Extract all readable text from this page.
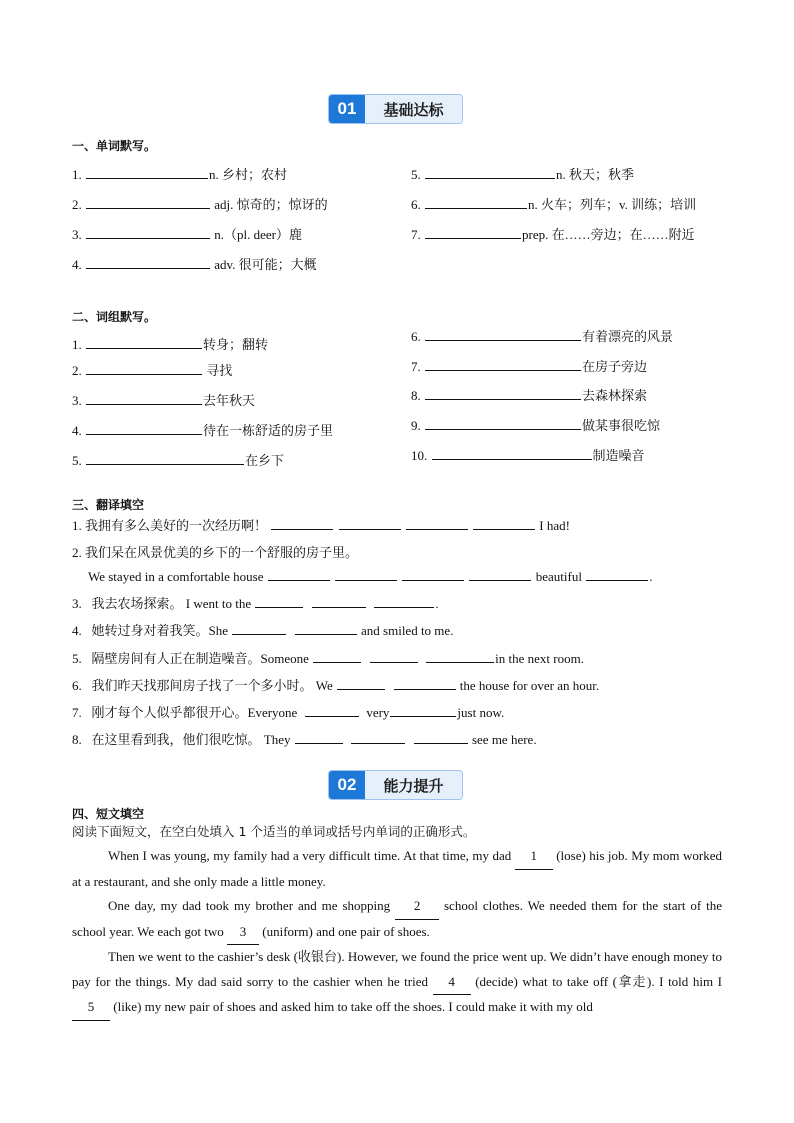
01	基础达标
一、单词默写。
1.	n. 乡村；农村
2.	adj. 惊奇的；惊讶的
3.	n.（pl. deer）鹿
4.	adv. 很可能；大概
5.	n. 秋天；秋季
6.	n. 火车；列车；v. 训练；培训
7.	prep. 在……旁边；在……附近
二、词组默写。
1.	转身；翻转
2.	寻找
3.	去年秋天
4.	待在一栋舒适的房子里
5.	在乡下
6.	有着漂亮的风景
7.	在房子旁边
8.	去森林探索
9.	做某事很吃惊
10.	制造噪音
三、翻译填空
1. 我拥有多么美好的一次经历啊！	I had!
2. 我们呆在风景优美的乡下的一个舒服的房子里。
We stayed in a comfortable house	beautiful	.
3. 我去农场探索。 I went to the	.
4. 她转过身对着我笑。She	and smiled to me.
5. 隔壁房间有人正在制造噪音。Someone	in the next room.
6. 我们昨天找那间房子找了一个多小时。 We	the house for over an hour.
7. 刚才每个人似乎都很开心。Everyone	very	just now.
8. 在这里看到我，他们很吃惊。 They	see me here.
02	能力提升
四、短文填空
阅读下面短文，在空白处填入 1 个适当的单词或括号内单词的正确形式。
When I was young, my family had a very difficult time. At that time, my dad 1 (lose) his job. My mom worked at a restaurant, and she only made a little money.
One day, my dad took my brother and me shopping 2 school clothes. We needed them for the start of the school year. We each got two 3 (uniform) and one pair of shoes.
Then we went to the cashier’s desk (收银台). However, we found the price went up. We didn’t have enough money to pay for the things. My dad said sorry to the cashier when he tried 4 (decide) what to take off (拿走). I told him I 5 (like) my new pair of shoes and asked him to take off the shoes. I could make it with my old
